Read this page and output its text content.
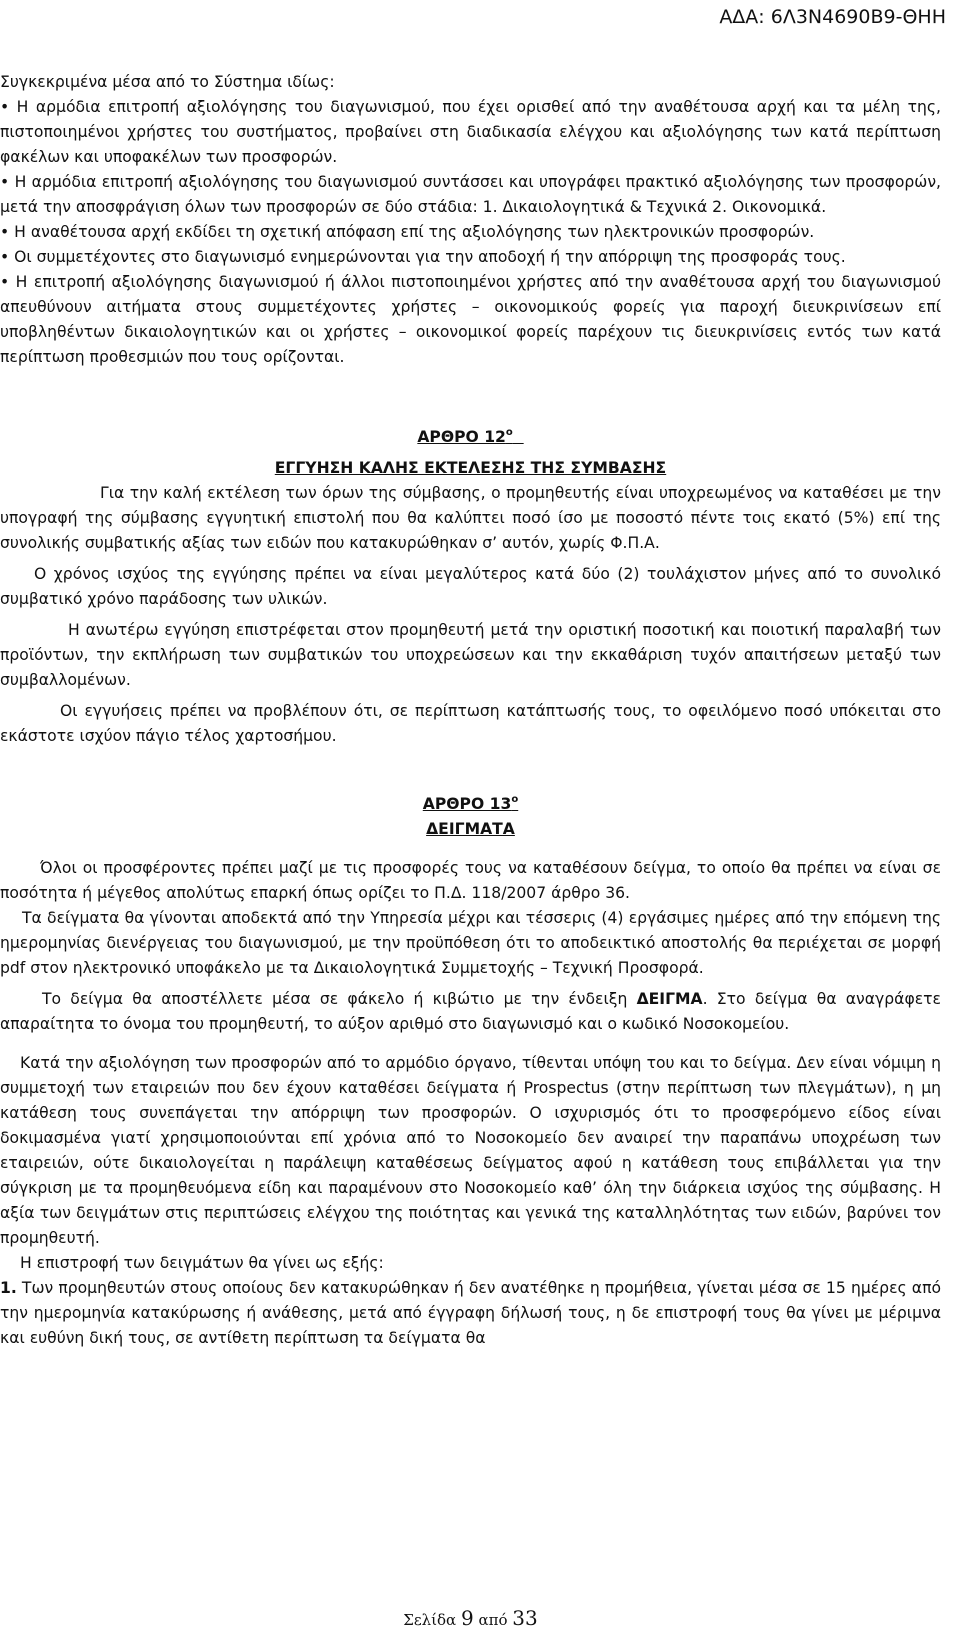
ΑΔΑ: 6Λ3Ν4690Β9-ΘΗΗ

Συγκεκριμένα μέσα από το Σύστημα ιδίως:

• Η αρμόδια επιτροπή αξιολόγησης του διαγωνισμού, που έχει ορισθεί από την αναθέτουσα αρχή και τα μέλη της, πιστοποιημένοι χρήστες του συστήματος, προβαίνει στη διαδικασία ελέγχου και αξιολόγησης των κατά περίπτωση φακέλων και υποφακέλων των προσφορών.

• Η αρμόδια επιτροπή αξιολόγησης του διαγωνισμού συντάσσει και υπογράφει πρακτικό αξιολόγησης των προσφορών, μετά την αποσφράγιση όλων των προσφορών σε δύο στάδια: 1. Δικαιολογητικά & Τεχνικά 2. Οικονομικά.

• Η αναθέτουσα αρχή εκδίδει τη σχετική απόφαση επί της αξιολόγησης των ηλεκτρονικών προσφορών.

• Οι συμμετέχοντες στο διαγωνισμό ενημερώνονται για την αποδοχή ή την απόρριψη της προσφοράς τους.

• Η επιτροπή αξιολόγησης διαγωνισμού ή άλλοι πιστοποιημένοι χρήστες από την αναθέτουσα αρχή του διαγωνισμού απευθύνουν αιτήματα στους συμμετέχοντες χρήστες – οικονομικούς φορείς για παροχή διευκρινίσεων επί υποβληθέντων δικαιολογητικών και οι χρήστες – οικονομικοί φορείς παρέχουν τις διευκρινίσεις εντός των κατά περίπτωση προθεσμιών που τους ορίζονται.

ΑΡΘΡΟ $12^o$
ΕΓΓΥΗΣΗ ΚΑΛΗΣ ΕΚΤΕΛΕΣΗΣ ΤΗΣ ΣΥΜΒΑΣΗΣ

Για την καλή εκτέλεση των όρων της σύμβασης, ο προμηθευτής είναι υποχρεωμένος να καταθέσει με την υπογραφή της σύμβασης εγγυητική επιστολή που θα καλύπτει ποσό ίσο με ποσοστό πέντε τοις εκατό (5%) επί της συνολικής συμβατικής αξίας των ειδών που κατακυρώθηκαν σ’ αυτόν, χωρίς Φ.Π.Α.

Ο χρόνος ισχύος της εγγύησης πρέπει να είναι μεγαλύτερος κατά δύο (2) τουλάχιστον μήνες από το συνολικό συμβατικό χρόνο παράδοσης των υλικών.

Η ανωτέρω εγγύηση επιστρέφεται στον προμηθευτή μετά την οριστική ποσοτική και ποιοτική παραλαβή των προϊόντων, την εκπλήρωση των συμβατικών του υποχρεώσεων και την εκκαθάριση τυχόν απαιτήσεων μεταξύ των συμβαλλομένων.

Οι εγγυήσεις πρέπει να προβλέπουν ότι, σε περίπτωση κατάπτωσής τους, το οφειλόμενο ποσό υπόκειται στο εκάστοτε ισχύον πάγιο τέλος χαρτοσήμου.

ΑΡΘΡΟ $13^o$
ΔΕΙΓΜΑΤΑ

Όλοι οι προσφέροντες πρέπει μαζί με τις προσφορές τους να καταθέσουν δείγμα, το οποίο θα πρέπει να είναι σε ποσότητα ή μέγεθος απολύτως επαρκή όπως ορίζει το Π.Δ. 118/2007 άρθρο 36.

Τα δείγματα θα γίνονται αποδεκτά από την Υπηρεσία μέχρι και τέσσερις (4) εργάσιμες ημέρες από την επόμενη της ημερομηνίας διενέργειας του διαγωνισμού, με την προϋπόθεση ότι το αποδεικτικό αποστολής θα περιέχεται σε μορφή pdf στον ηλεκτρονικό υποφάκελο με τα Δικαιολογητικά Συμμετοχής – Τεχνική Προσφορά.

Το δείγμα θα αποστέλλετε μέσα σε φάκελο ή κιβώτιο με την ένδειξη ΔΕΙΓΜΑ. Στο δείγμα θα αναγράφετε απαραίτητα το όνομα του προμηθευτή, το αύξον αριθμό στο διαγωνισμό και ο κωδικό Νοσοκομείου.

Κατά την αξιολόγηση των προσφορών από το αρμόδιο όργανο, τίθενται υπόψη του και το δείγμα. Δεν είναι νόμιμη η συμμετοχή των εταιρειών που δεν έχουν καταθέσει δείγματα ή Prospectus (στην περίπτωση των πλεγμάτων), η μη κατάθεση τους συνεπάγεται την απόρριψη των προσφορών. Ο ισχυρισμός ότι το προσφερόμενο είδος είναι δοκιμασμένα γιατί χρησιμοποιούνται επί χρόνια από το Νοσοκομείο δεν αναιρεί την παραπάνω υποχρέωση των εταιρειών, ούτε δικαιολογείται η παράλειψη καταθέσεως δείγματος αφού η κατάθεση τους επιβάλλεται για την σύγκριση με τα προμηθευόμενα είδη και παραμένουν στο Νοσοκομείο καθ’ όλη την διάρκεια ισχύος της σύμβασης. Η αξία των δειγμάτων στις περιπτώσεις ελέγχου της ποιότητας και γενικά της καταλληλότητας των ειδών, βαρύνει τον προμηθευτή.

Η επιστροφή των δειγμάτων θα γίνει ως εξής:

1. Των προμηθευτών στους οποίους δεν κατακυρώθηκαν ή δεν ανατέθηκε η προμήθεια, γίνεται μέσα σε 15 ημέρες από την ημερομηνία κατακύρωσης ή ανάθεσης, μετά από έγγραφη δήλωσή τους, η δε επιστροφή τους θα γίνει με μέριμνα και ευθύνη δική τους, σε αντίθετη περίπτωση τα δείγματα θα

Σελίδα 9 από 33
